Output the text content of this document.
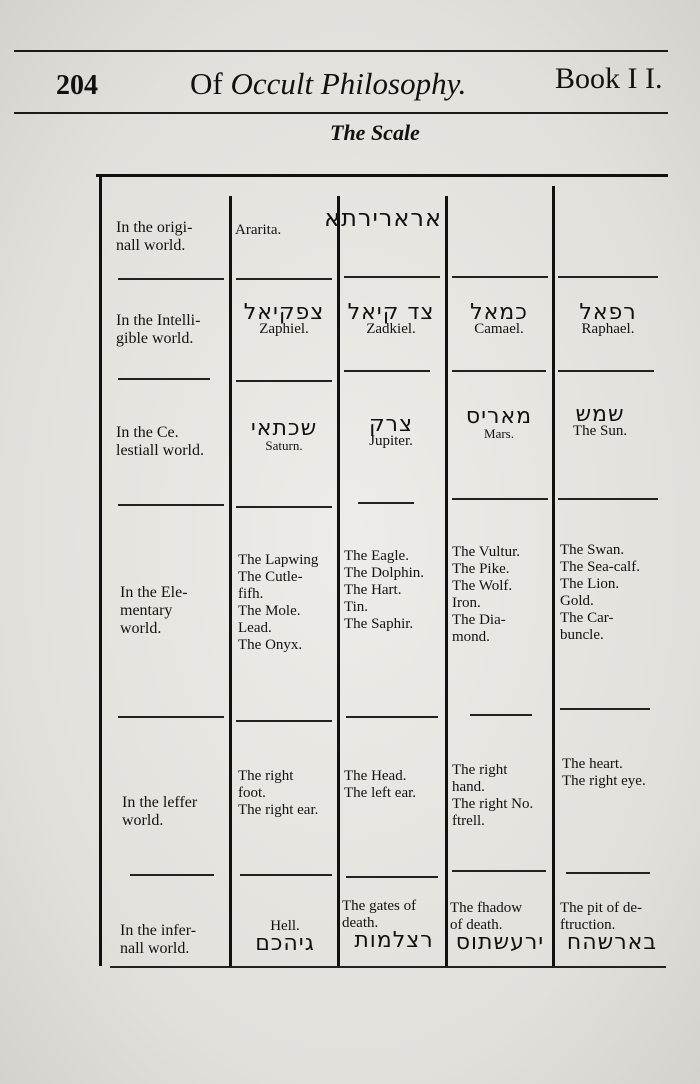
204	Of Occult Philosophy.	Book I I.
The Scale
In the origi-
nall world.
Ararita. ארארירתא
In the Intelli-
gible world.
צפקיאל
Zaphiel.
צד קיאל
Zadkiel.
כמאל
Camael.
רפאל
Raphael.
In the Ce.
lestiall world.
שכתאי
Saturn.
צרק
Jupiter.
מאריס
Mars.
שמש
The Sun.
In the Ele-
mentary
world.
The Lapwing
The Cutle-
fifh.
The Mole.
Lead.
The Onyx.
The Eagle.
The Dolphin.
The Hart.
Tin.
The Saphir.
The Vultur.
The Pike.
The Wolf.
Iron.
The Dia-
mond.
The Swan.
The Sea-calf.
The Lion.
Gold.
The Car-
buncle.
In the leffer
world.
The right
foot.
The right ear.
The Head.
The left ear.
The right
hand.
The right No.
ftrell.
The heart.
The right eye.
In the infer-
nall world.
Hell.
גיהכם
The gates of
death.
רצלמות
The fhadow
of death.
ירעשתוס
The pit of de-
ftruction.
בארשהח
